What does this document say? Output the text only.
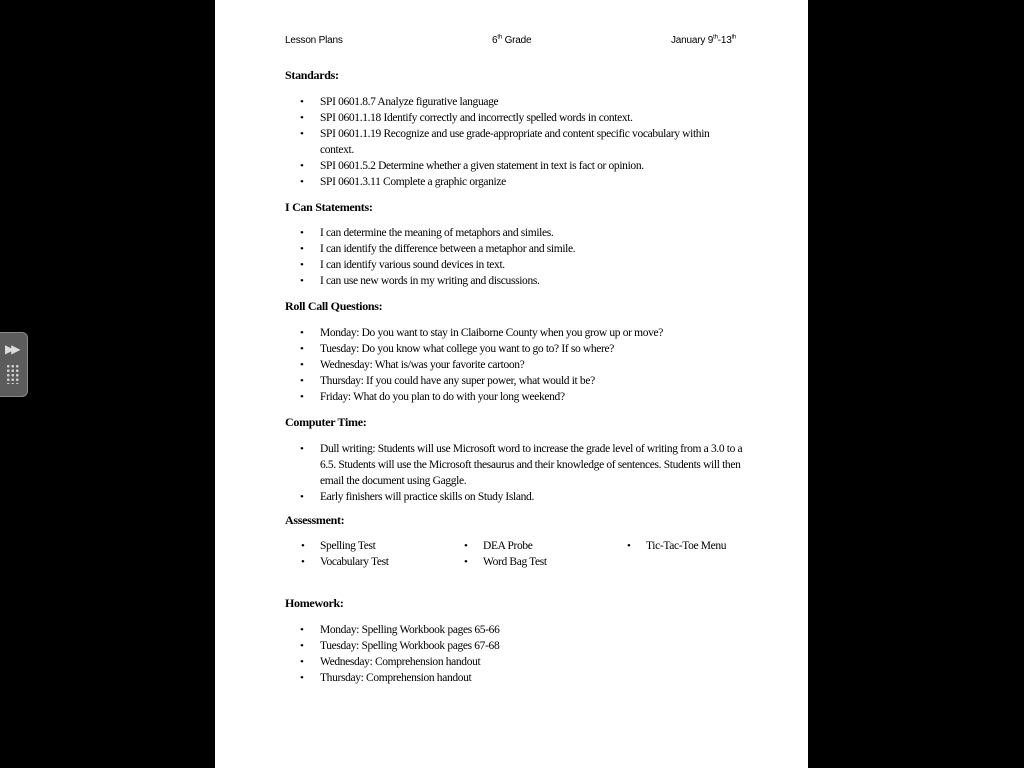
▶▶
Lesson Plans	6th Grade	January 9th-13th
Standards:
• SPI 0601.8.7 Analyze figurative language
• SPI 0601.1.18 Identify correctly and incorrectly spelled words in context.
• SPI 0601.1.19 Recognize and use grade-appropriate and content specific vocabulary within context.
• SPI 0601.5.2 Determine whether a given statement in text is fact or opinion.
• SPI 0601.3.11 Complete a graphic organize
I Can Statements:
• I can determine the meaning of metaphors and similes.
• I can identify the difference between a metaphor and simile.
• I can identify various sound devices in text.
• I can use new words in my writing and discussions.
Roll Call Questions:
• Monday: Do you want to stay in Claiborne County when you grow up or move?
• Tuesday: Do you know what college you want to go to? If so where?
• Wednesday: What is/was your favorite cartoon?
• Thursday: If you could have any super power, what would it be?
• Friday: What do you plan to do with your long weekend?
Computer Time:
• Dull writing: Students will use Microsoft word to increase the grade level of writing from a 3.0 to a 6.5. Students will use the Microsoft thesaurus and their knowledge of sentences. Students will then email the document using Gaggle.
• Early finishers will practice skills on Study Island.
Assessment:
• Spelling Test
• Vocabulary Test
• DEA Probe
• Word Bag Test
• Tic-Tac-Toe Menu
Homework:
• Monday: Spelling Workbook pages 65-66
• Tuesday: Spelling Workbook pages 67-68
• Wednesday: Comprehension handout
• Thursday: Comprehension handout
